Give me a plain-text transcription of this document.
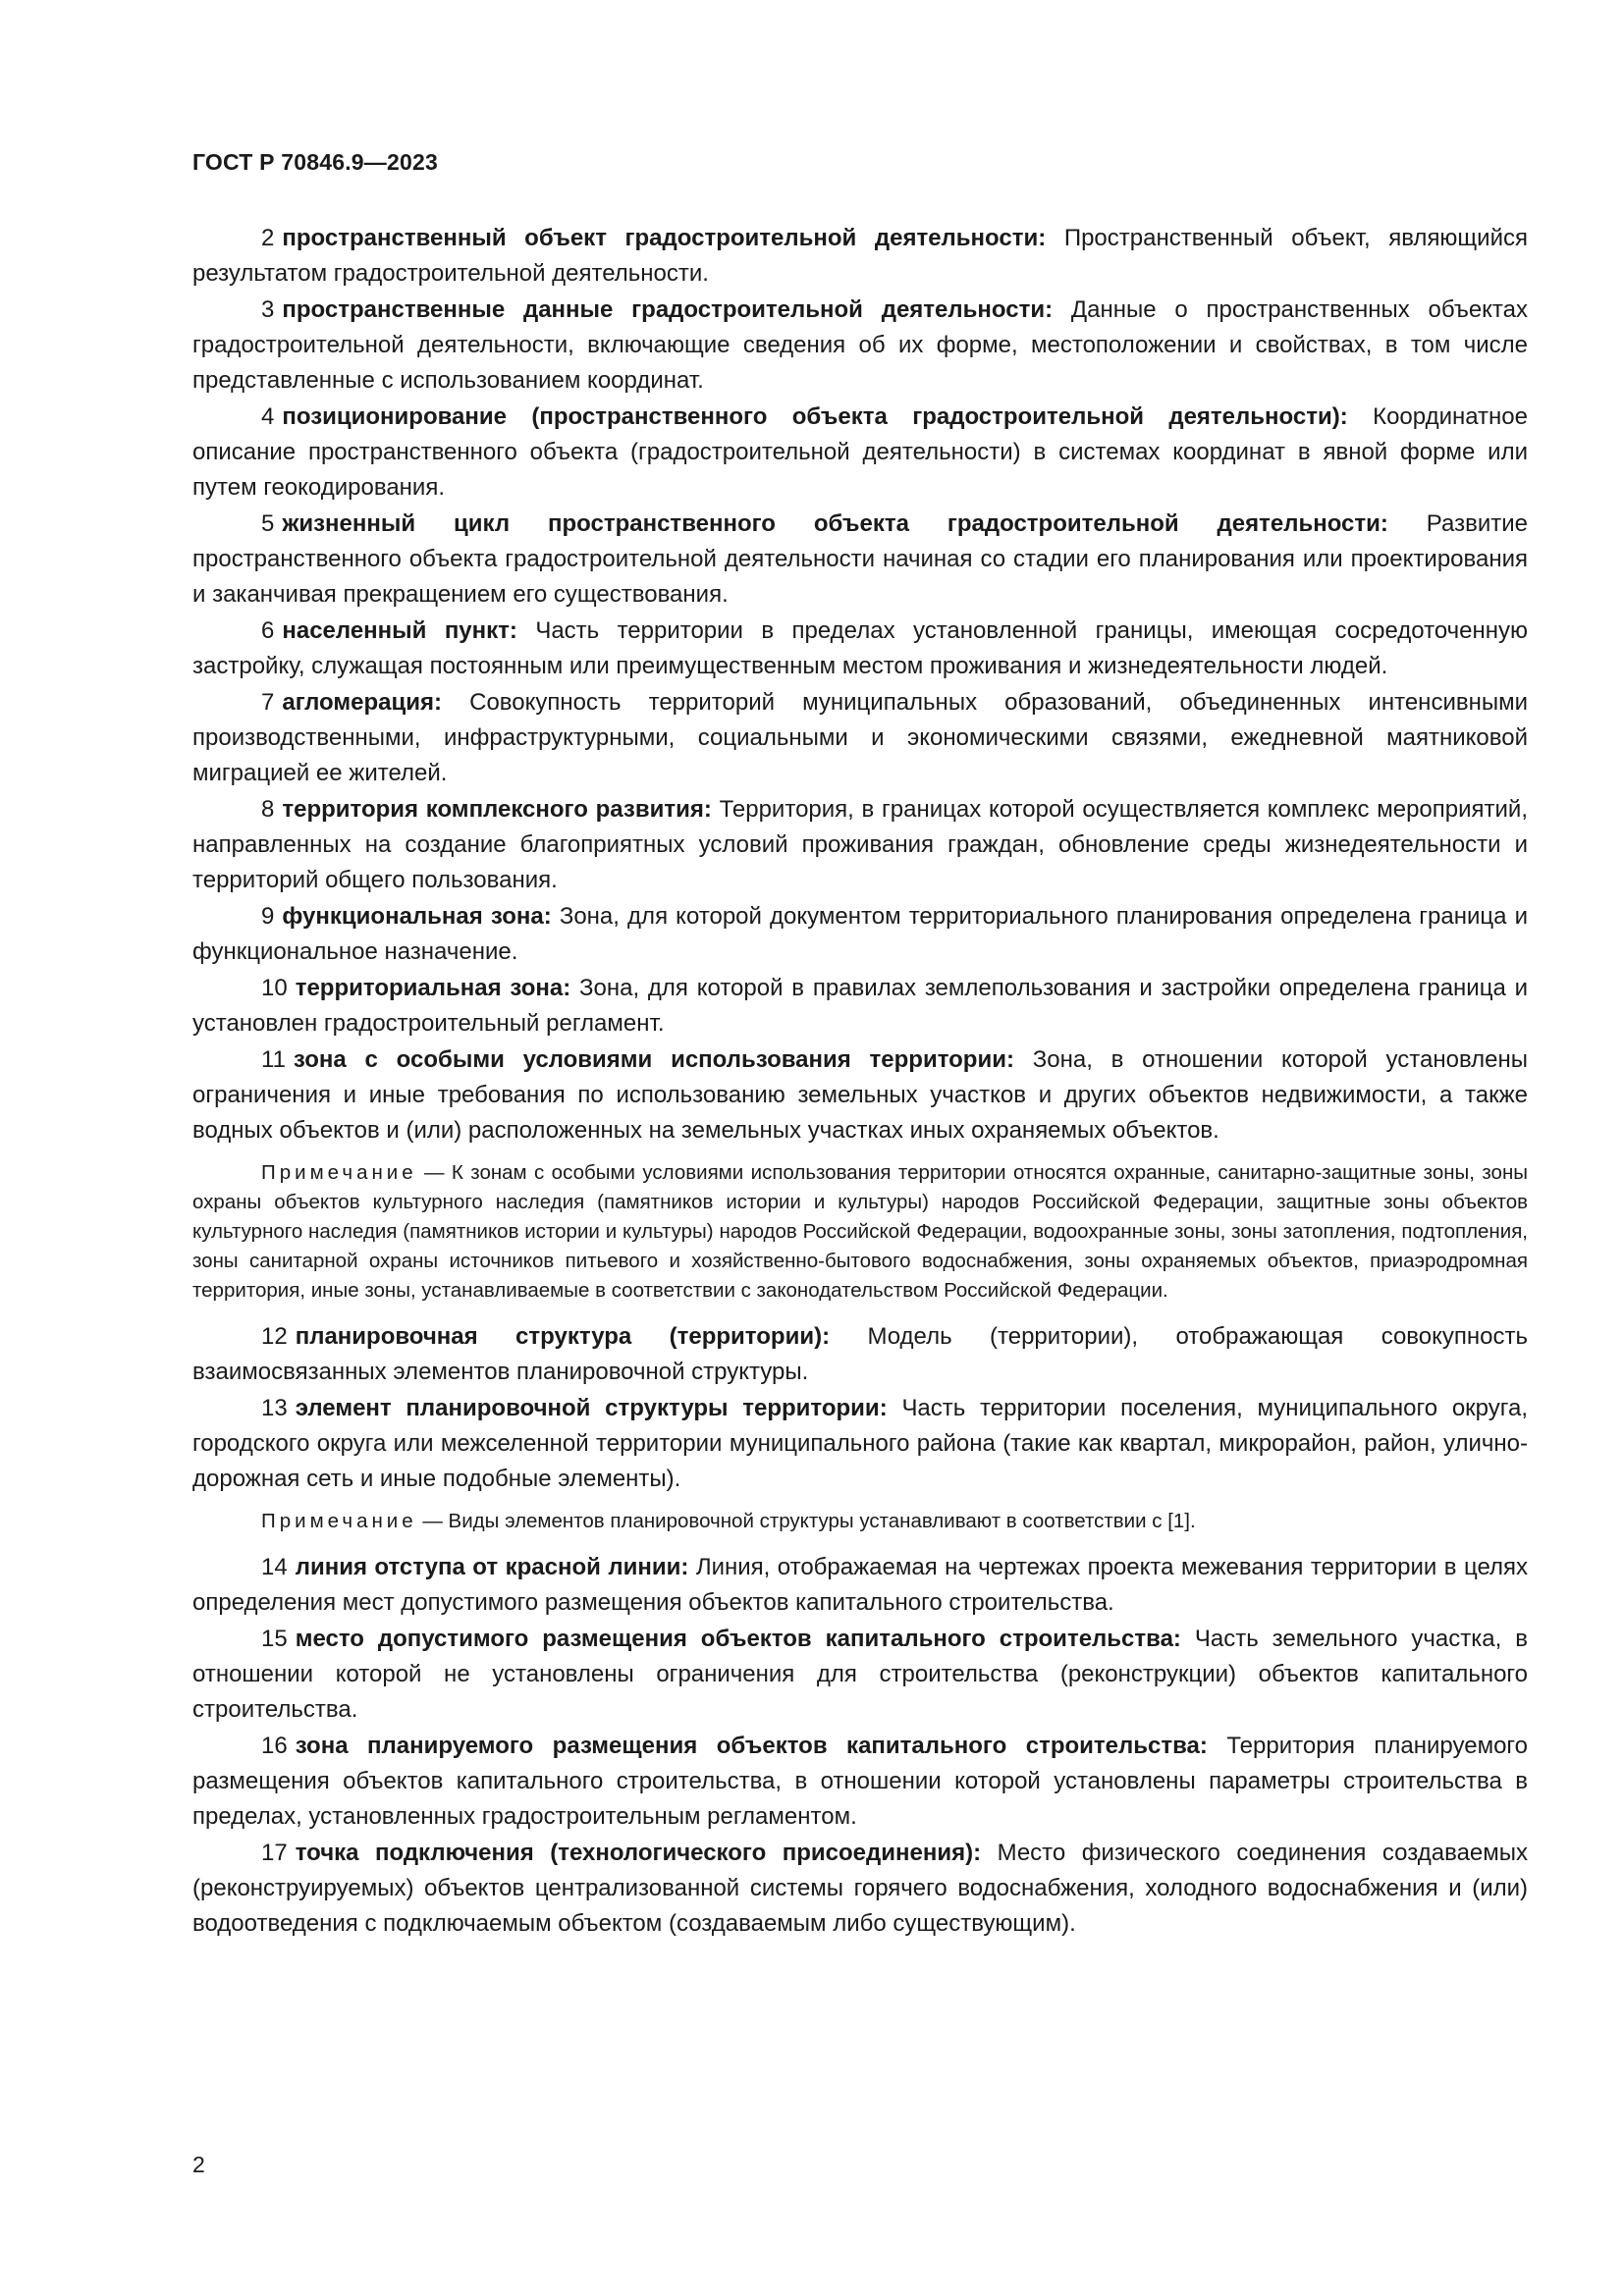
ГОСТ Р 70846.9—2023

2 пространственный объект градостроительной деятельности: Пространственный объект, являющийся результатом градостроительной деятельности.

3 пространственные данные градостроительной деятельности: Данные о пространственных объектах градостроительной деятельности, включающие сведения об их форме, местоположении и свойствах, в том числе представленные с использованием координат.

4 позиционирование (пространственного объекта градостроительной деятельности): Координатное описание пространственного объекта (градостроительной деятельности) в системах координат в явной форме или путем геокодирования.

5 жизненный цикл пространственного объекта градостроительной деятельности: Развитие пространственного объекта градостроительной деятельности начиная со стадии его планирования или проектирования и заканчивая прекращением его существования.

6 населенный пункт: Часть территории в пределах установленной границы, имеющая сосредоточенную застройку, служащая постоянным или преимущественным местом проживания и жизнедеятельности людей.

7 агломерация: Совокупность территорий муниципальных образований, объединенных интенсивными производственными, инфраструктурными, социальными и экономическими связями, ежедневной маятниковой миграцией ее жителей.

8 территория комплексного развития: Территория, в границах которой осуществляется комплекс мероприятий, направленных на создание благоприятных условий проживания граждан, обновление среды жизнедеятельности и территорий общего пользования.

9 функциональная зона: Зона, для которой документом территориального планирования определена граница и функциональное назначение.

10 территориальная зона: Зона, для которой в правилах землепользования и застройки определена граница и установлен градостроительный регламент.

11 зона с особыми условиями использования территории: Зона, в отношении которой установлены ограничения и иные требования по использованию земельных участков и других объектов недвижимости, а также водных объектов и (или) расположенных на земельных участках иных охраняемых объектов.

Примечание — К зонам с особыми условиями использования территории относятся охранные, санитарно-защитные зоны, зоны охраны объектов культурного наследия (памятников истории и культуры) народов Российской Федерации, защитные зоны объектов культурного наследия (памятников истории и культуры) народов Российской Федерации, водоохранные зоны, зоны затопления, подтопления, зоны санитарной охраны источников питьевого и хозяйственно-бытового водоснабжения, зоны охраняемых объектов, приаэродромная территория, иные зоны, устанавливаемые в соответствии с законодательством Российской Федерации.

12 планировочная структура (территории): Модель (территории), отображающая совокупность взаимосвязанных элементов планировочной структуры.

13 элемент планировочной структуры территории: Часть территории поселения, муниципального округа, городского округа или межселенной территории муниципального района (такие как квартал, микрорайон, район, улично-дорожная сеть и иные подобные элементы).

Примечание — Виды элементов планировочной структуры устанавливают в соответствии с [1].

14 линия отступа от красной линии: Линия, отображаемая на чертежах проекта межевания территории в целях определения мест допустимого размещения объектов капитального строительства.

15 место допустимого размещения объектов капитального строительства: Часть земельного участка, в отношении которой не установлены ограничения для строительства (реконструкции) объектов капитального строительства.

16 зона планируемого размещения объектов капитального строительства: Территория планируемого размещения объектов капитального строительства, в отношении которой установлены параметры строительства в пределах, установленных градостроительным регламентом.

17 точка подключения (технологического присоединения): Место физического соединения создаваемых (реконструируемых) объектов централизованной системы горячего водоснабжения, холодного водоснабжения и (или) водоотведения с подключаемым объектом (создаваемым либо существующим).

2
